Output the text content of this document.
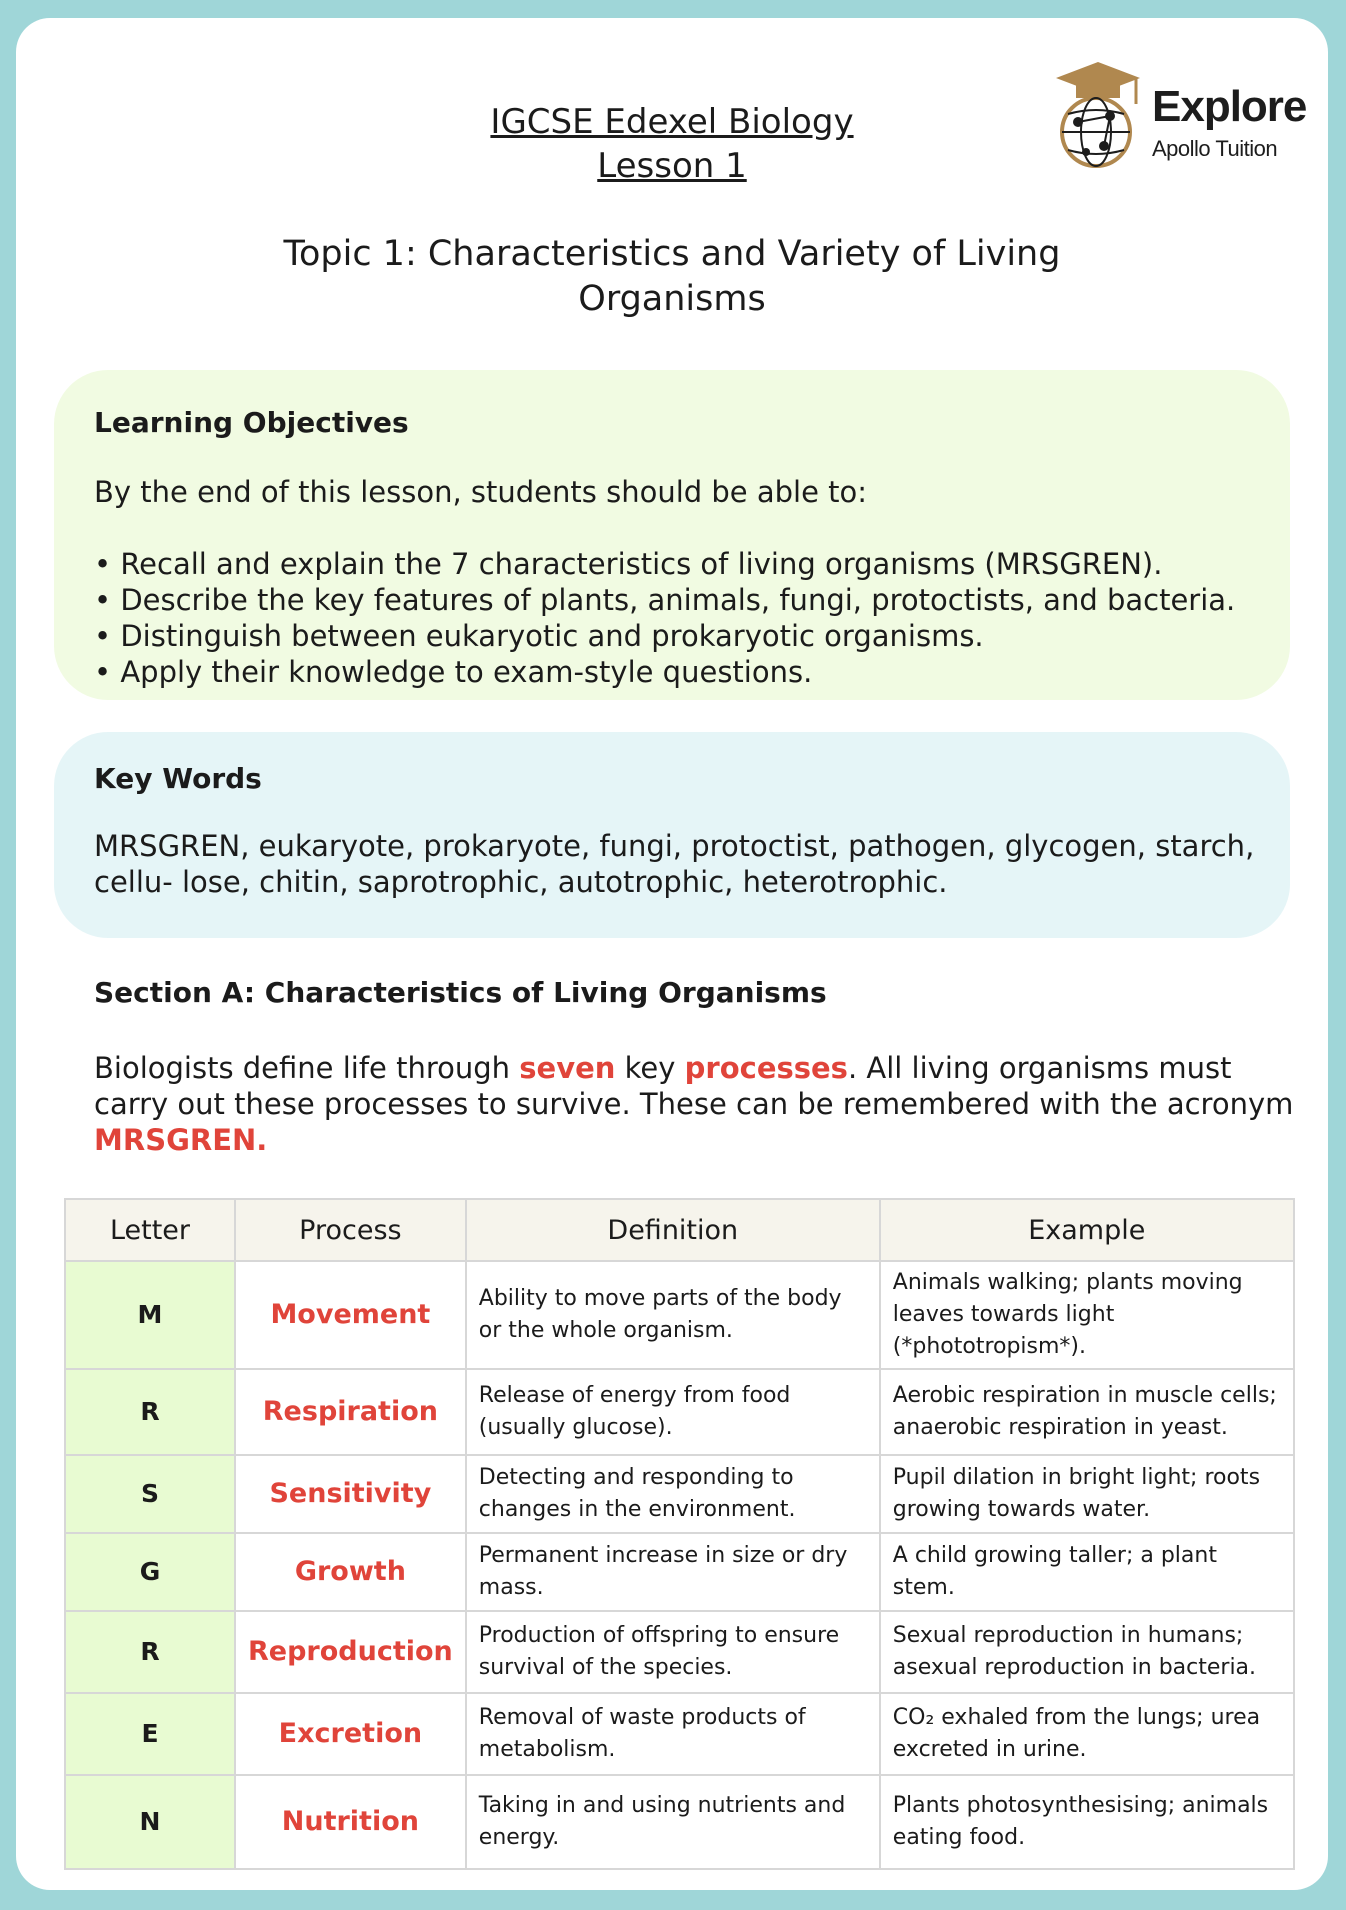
Explore
Apollo Tuition
IGCSE Edexel Biology
Lesson 1
Topic 1: Characteristics and Variety of Living Organisms
Learning Objectives

By the end of this lesson, students should be able to:

• Recall and explain the 7 characteristics of living organisms (MRSGREN).

• Describe the key features of plants, animals, fungi, protoctists, and bacteria.

• Distinguish between eukaryotic and prokaryotic organisms.

• Apply their knowledge to exam-style questions.

Key Words

MRSGREN, eukaryote, prokaryote, fungi, protoctist, pathogen, glycogen, starch, cellu- lose, chitin, saprotrophic, autotrophic, heterotrophic.

Section A: Characteristics of Living Organisms
Biologists define life through seven key processes. All living organisms must carry out these processes to survive. These can be remembered with the acronym MRSGREN.
Letter	Process	Definition	Example
M	Movement	Ability to move parts of the body or the whole organism.	Animals walking; plants moving leaves towards light (*phototropism*).
R	Respiration	Release of energy from food (usually glucose).	Aerobic respiration in muscle cells; anaerobic respiration in yeast.
S	Sensitivity	Detecting and responding to changes in the environment.	Pupil dilation in bright light; roots growing towards water.
G	Growth	Permanent increase in size or dry mass.	A child growing taller; a plant stem.
R	Reproduction	Production of offspring to ensure survival of the species.	Sexual reproduction in humans; asexual reproduction in bacteria.
E	Excretion	Removal of waste products of metabolism.	CO₂ exhaled from the lungs; urea excreted in urine.
N	Nutrition	Taking in and using nutrients and energy.	Plants photosynthesising; animals eating food.
